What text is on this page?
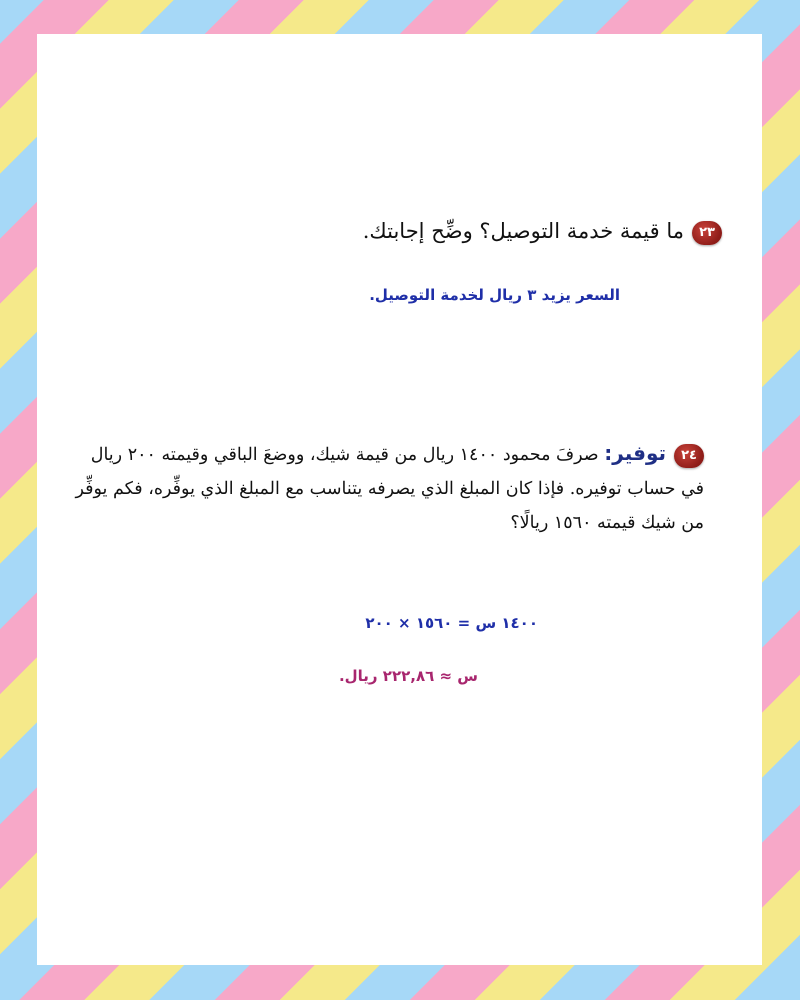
٢٣ما قيمة خدمة التوصيل؟ وضِّح إجابتك.
السعر يزيد ٣ ريال لخدمة التوصيل.
٢٤توفير: صرفَ محمود ١٤٠٠ ريال من قيمة شيك، ووضعَ الباقي وقيمته ٢٠٠ ريال في حساب توفيره. فإذا كان المبلغ الذي يصرفه يتناسب مع المبلغ الذي يوفِّره، فكم يوفِّر من شيك قيمته ١٥٦٠ ريالًا؟
١٤٠٠ س = ١٥٦٠ × ٢٠٠
س ≈ ٢٢٢,٨٦ ريال.
